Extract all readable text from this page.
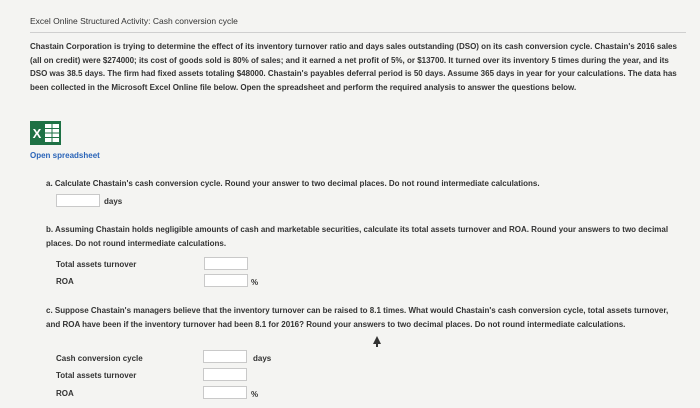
Excel Online Structured Activity: Cash conversion cycle
Chastain Corporation is trying to determine the effect of its inventory turnover ratio and days sales outstanding (DSO) on its cash conversion cycle. Chastain's 2016 sales (all on credit) were $274000; its cost of goods sold is 80% of sales; and it earned a net profit of 5%, or $13700. It turned over its inventory 5 times during the year, and its DSO was 38.5 days. The firm had fixed assets totaling $48000. Chastain's payables deferral period is 50 days. Assume 365 days in year for your calculations. The data has been collected in the Microsoft Excel Online file below. Open the spreadsheet and perform the required analysis to answer the questions below.
X
Open spreadsheet
a. Calculate Chastain's cash conversion cycle. Round your answer to two decimal places. Do not round intermediate calculations.
days
b. Assuming Chastain holds negligible amounts of cash and marketable securities, calculate its total assets turnover and ROA. Round your answers to two decimal places. Do not round intermediate calculations.
Total assets turnover
ROA	%
c. Suppose Chastain's managers believe that the inventory turnover can be raised to 8.1 times. What would Chastain's cash conversion cycle, total assets turnover, and ROA have been if the inventory turnover had been 8.1 for 2016? Round your answers to two decimal places. Do not round intermediate calculations.
Cash conversion cycle	days
Total assets turnover
ROA	%
